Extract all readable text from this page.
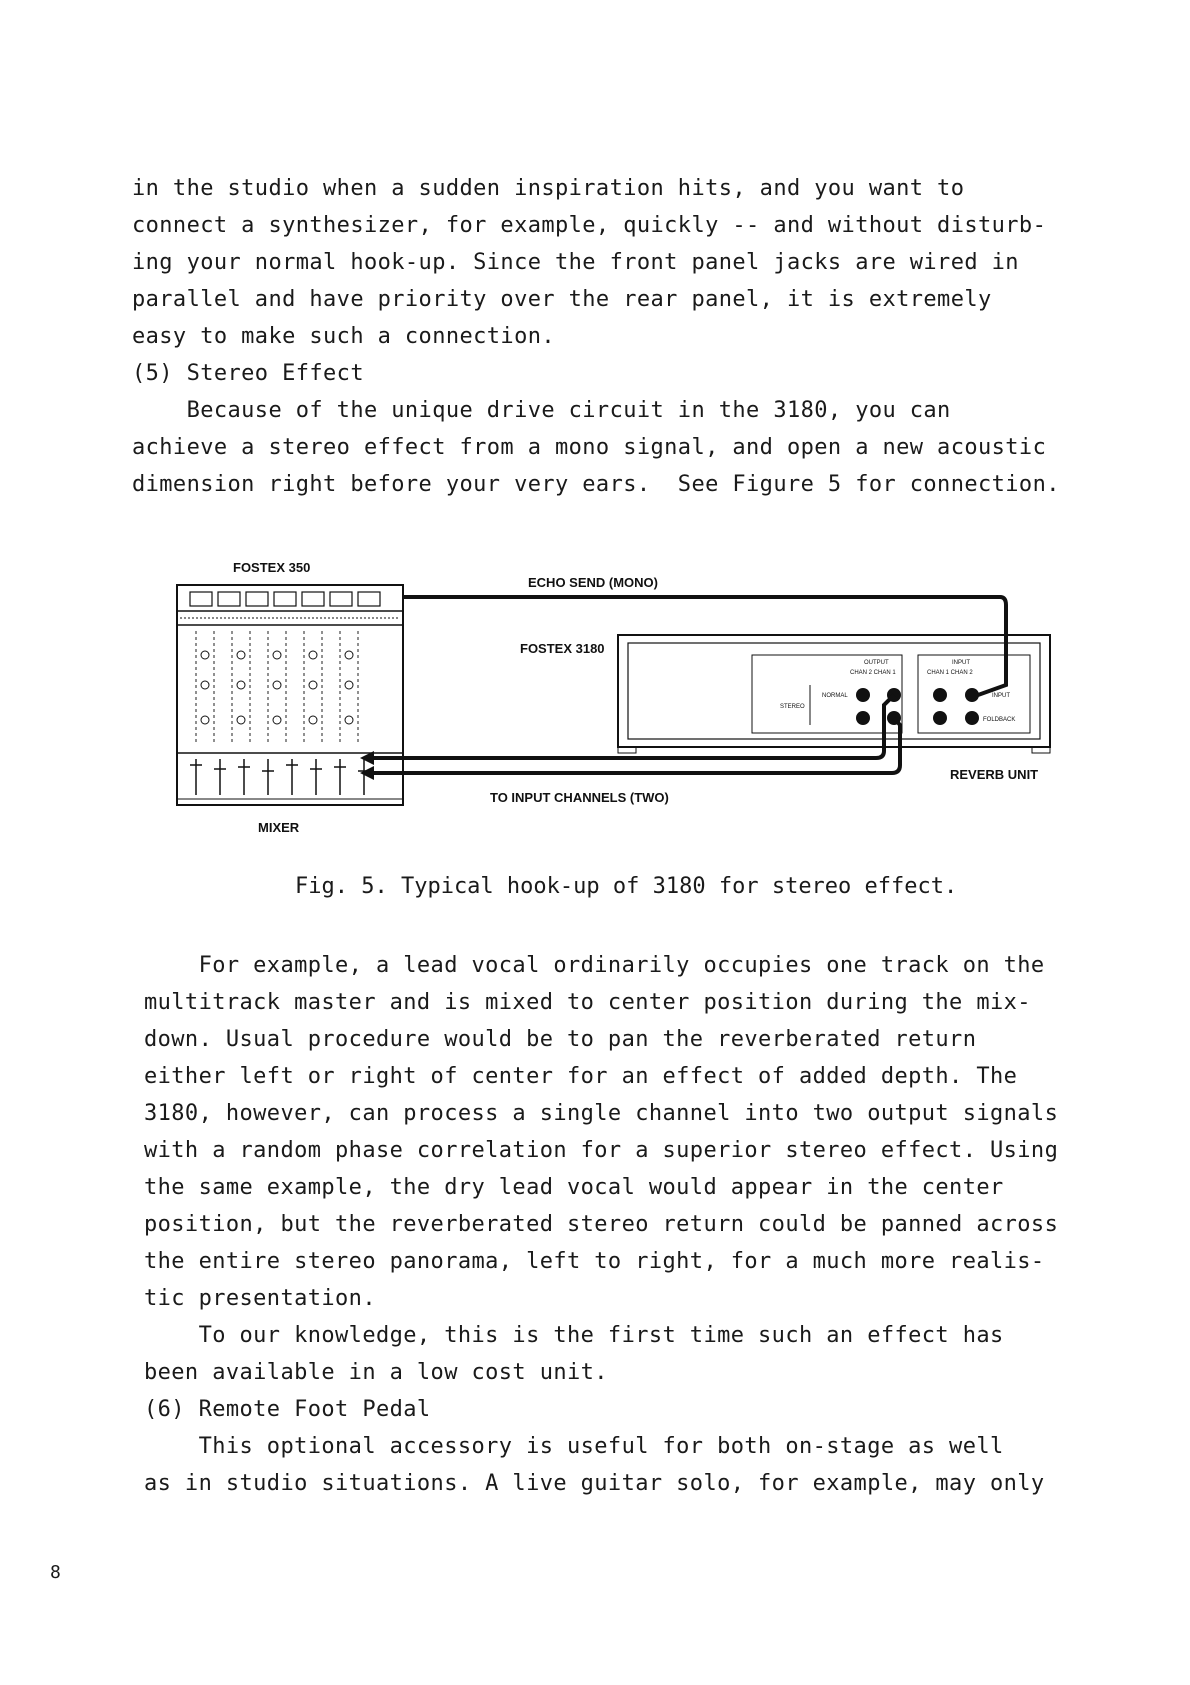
in the studio when a sudden inspiration hits, and you want to
connect a synthesizer, for example, quickly -- and without disturb-
ing your normal hook-up. Since the front panel jacks are wired in
parallel and have priority over the rear panel, it is extremely
easy to make such a connection.
(5) Stereo Effect
Because of the unique drive circuit in the 3180, you can
achieve a stereo effect from a mono signal, and open a new acoustic
dimension right before your very ears.  See Figure 5 for connection.
FOSTEX 350
MIXER
FOSTEX 3180
OUTPUT
CHAN 2 CHAN 1
INPUT
CHAN 1 CHAN 2
NORMAL
STEREO
INPUT
FOLDBACK
REVERB UNIT
ECHO SEND (MONO)
TO INPUT CHANNELS (TWO)
Fig. 5. Typical hook-up of 3180 for stereo effect.
For example, a lead vocal ordinarily occupies one track on the
multitrack master and is mixed to center position during the mix-
down. Usual procedure would be to pan the reverberated return
either left or right of center for an effect of added depth. The
3180, however, can process a single channel into two output signals
with a random phase correlation for a superior stereo effect. Using
the same example, the dry lead vocal would appear in the center
position, but the reverberated stereo return could be panned across
the entire stereo panorama, left to right, for a much more realis-
tic presentation.
To our knowledge, this is the first time such an effect has
been available in a low cost unit.
(6) Remote Foot Pedal
This optional accessory is useful for both on-stage as well
as in studio situations. A live guitar solo, for example, may only
8
